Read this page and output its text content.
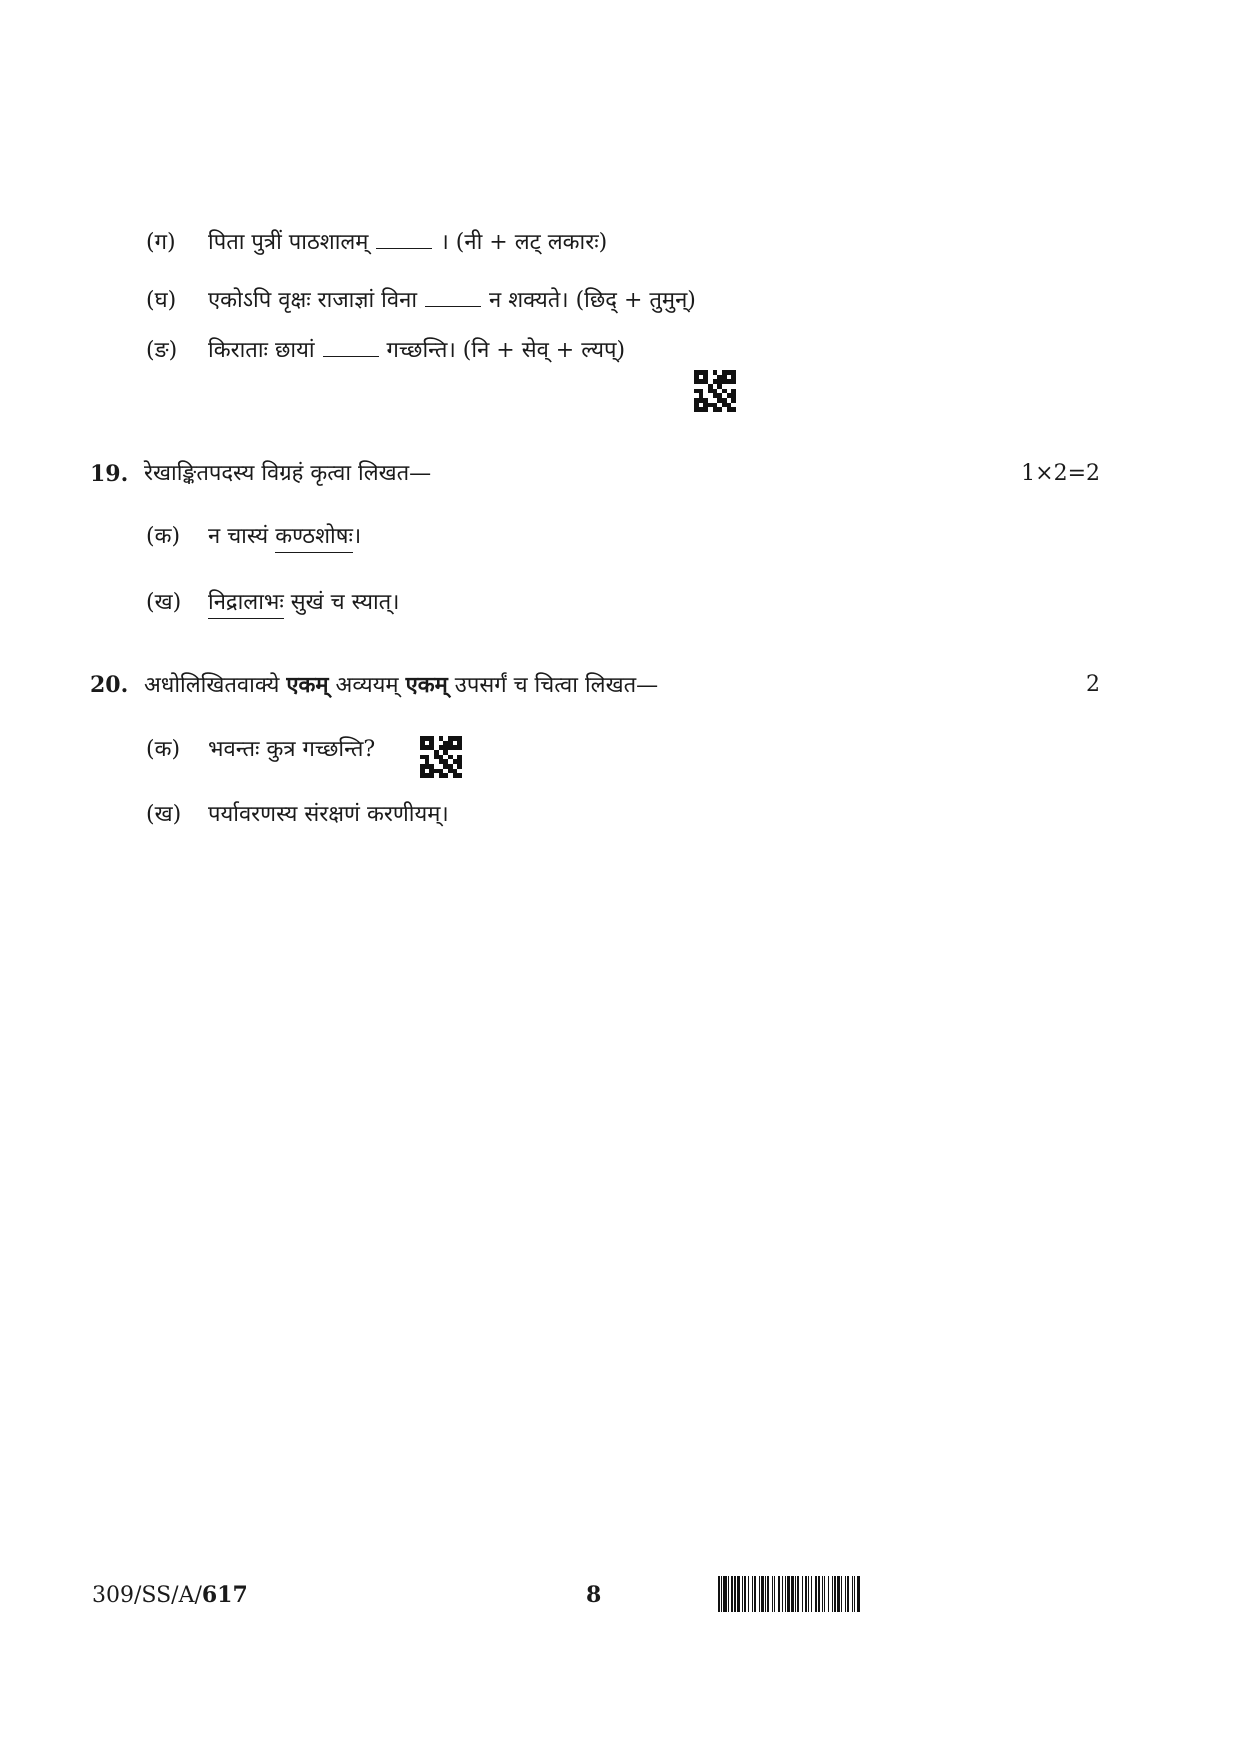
(ग) पिता पुत्रीं पाठशालम्	। (नी + लट् लकारः)
(घ) एकोऽपि वृक्षः राजाज्ञां विना	न शक्यते। (छिद् + तुमुन्)
(ङ) किराताः छायां	गच्छन्ति। (नि + सेव् + ल्यप्)
19. रेखाङ्कितपदस्य विग्रहं कृत्वा लिखत—	1×2=2
(क) न चास्यं कण्ठशोषः।
(ख) निद्रालाभः सुखं च स्यात्।
20. अधोलिखितवाक्ये एकम् अव्ययम् एकम् उपसर्गं च चित्वा लिखत—	2
(क) भवन्तः कुत्र गच्छन्ति?
(ख) पर्यावरणस्य संरक्षणं करणीयम्।
309/SS/A/617	8
